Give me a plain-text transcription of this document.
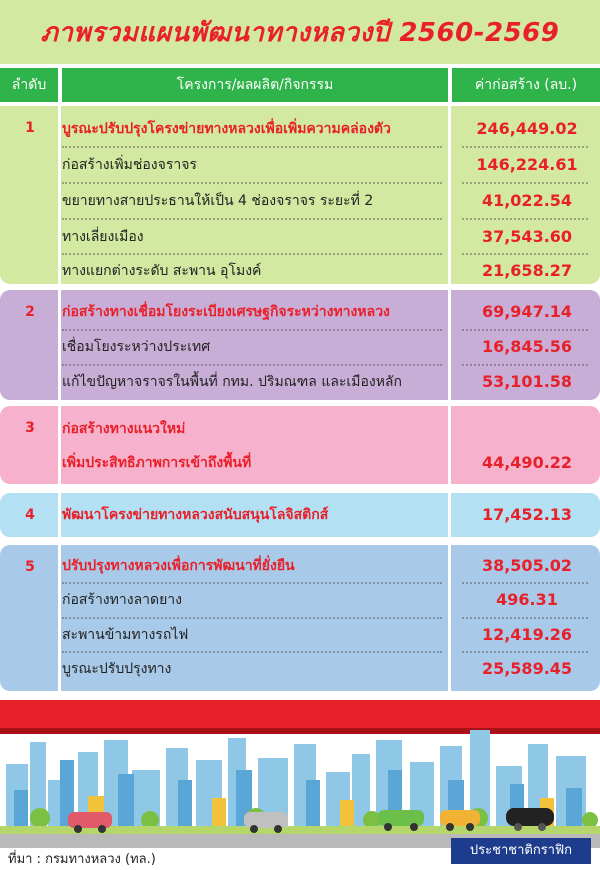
ภาพรวมแผนพัฒนาทางหลวงปี 2560-2569
ลำดับ	โครงการ/ผลผลิต/กิจกรรม	ค่าก่อสร้าง (ลบ.)
1	บูรณะปรับปรุงโครงข่ายทางหลวงเพื่อเพิ่มความคล่องตัว	246,449.02
ก่อสร้างเพิ่มช่องจราจร	146,224.61
ขยายทางสายประธานให้เป็น 4 ช่องจราจร ระยะที่ 2	41,022.54
ทางเลี่ยงเมือง	37,543.60
ทางแยกต่างระดับ สะพาน อุโมงค์	21,658.27
2	ก่อสร้างทางเชื่อมโยงระเบียงเศรษฐกิจระหว่างทางหลวง	69,947.14
เชื่อมโยงระหว่างประเทศ	16,845.56
แก้ไขปัญหาจราจรในพื้นที่ กทม. ปริมณฑล และเมืองหลัก	53,101.58
3	ก่อสร้างทางแนวใหม่
เพิ่มประสิทธิภาพการเข้าถึงพื้นที่	44,490.22
4	พัฒนาโครงข่ายทางหลวงสนับสนุนโลจิสติกส์	17,452.13
5	ปรับปรุงทางหลวงเพื่อการพัฒนาที่ยั่งยืน	38,505.02
ก่อสร้างทางลาดยาง	496.31
สะพานข้ามทางรถไฟ	12,419.26
บูรณะปรับปรุงทาง	25,589.45
ที่มา : กรมทางหลวง (ทล.)
ประชาชาติกราฟิก
